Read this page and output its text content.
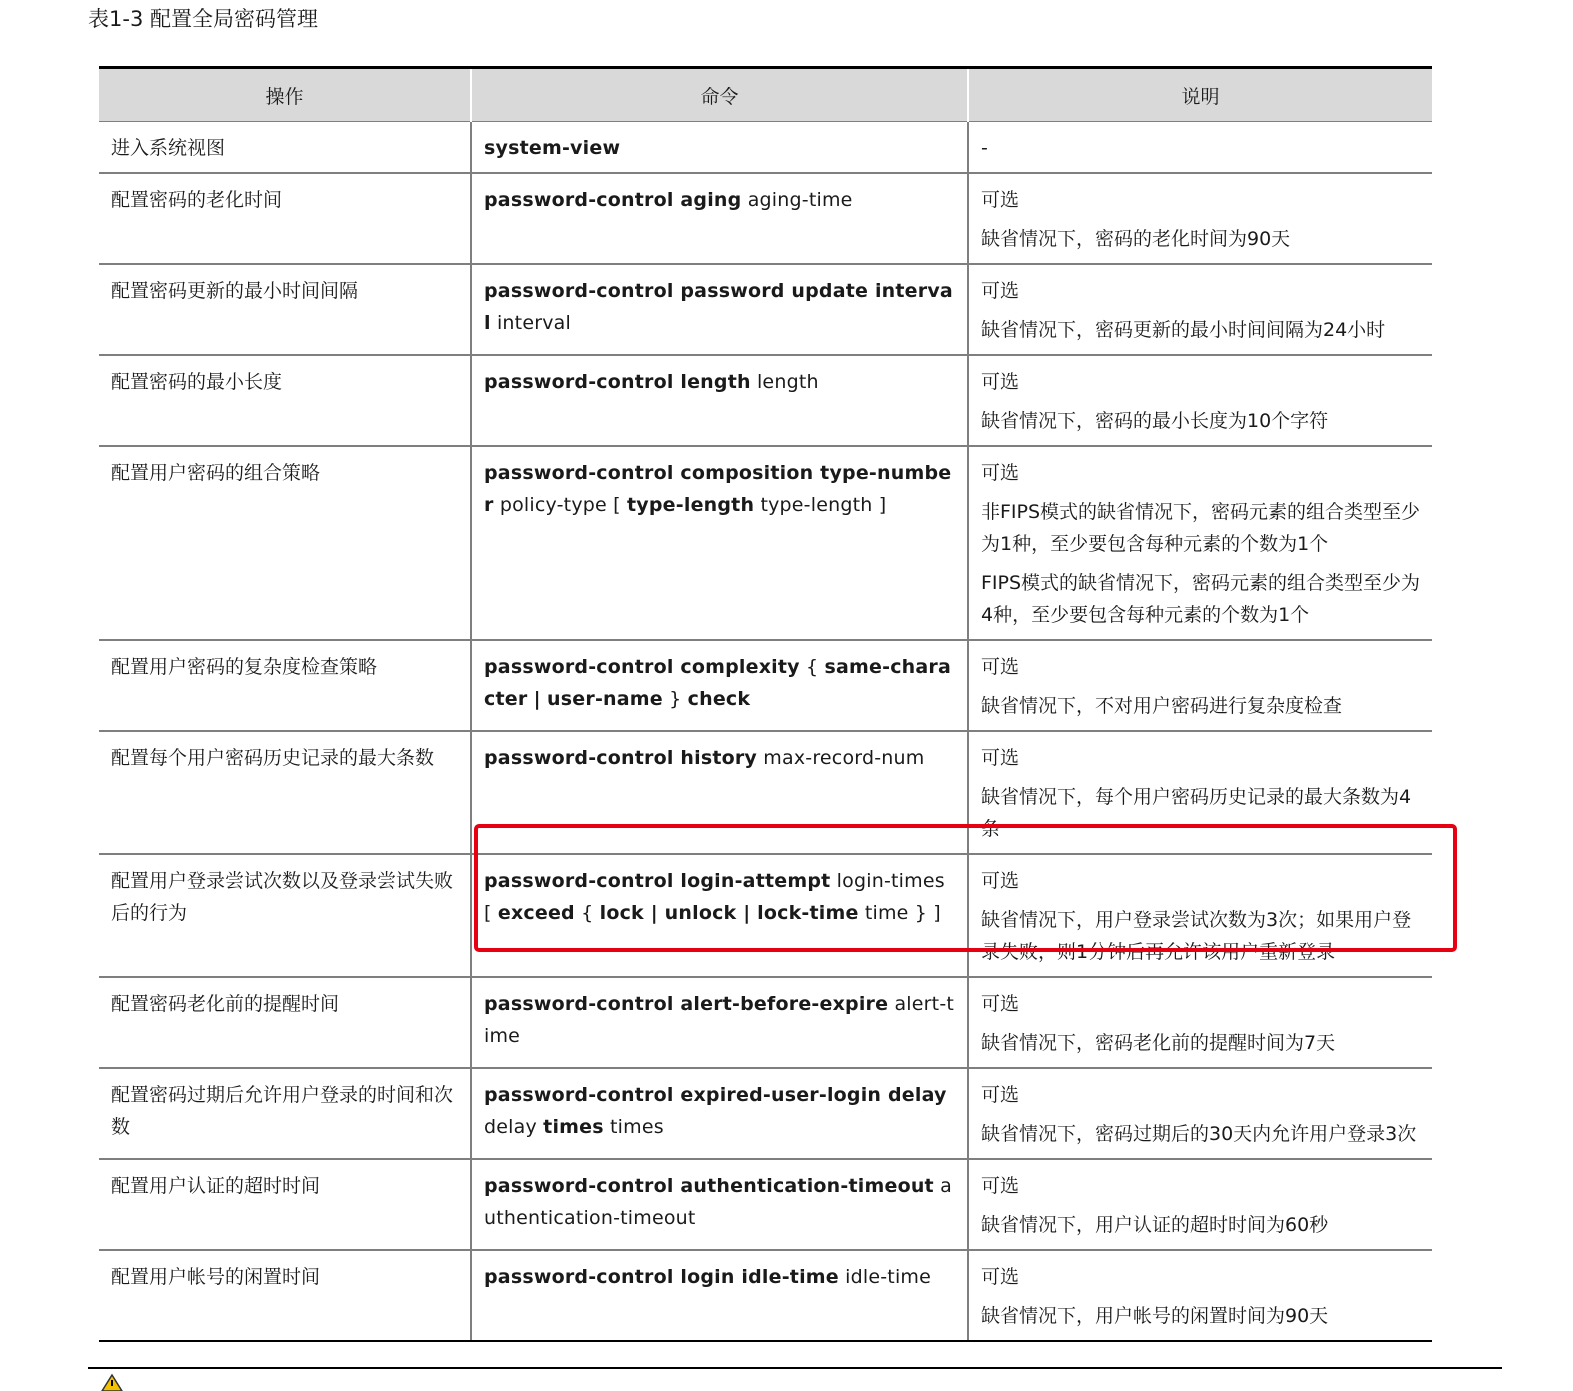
表1-3 配置全局密码管理
操作	命令	说明
进入系统视图	system-view	-

配置密码的老化时间	password-control aging aging-time	可选

缺省情况下，密码的老化时间为90天

配置密码更新的最小时间间隔	password-control password update interval interval	可选

缺省情况下，密码更新的最小时间间隔为24小时

配置密码的最小长度	password-control length length	可选

缺省情况下，密码的最小长度为10个字符

配置用户密码的组合策略	password-control composition type-number policy-type [ type-length type-length ]	可选

非FIPS模式的缺省情况下，密码元素的组合类型至少为1种，至少要包含每种元素的个数为1个

FIPS模式的缺省情况下，密码元素的组合类型至少为4种，至少要包含每种元素的个数为1个

配置用户密码的复杂度检查策略	password-control complexity { same-character | user-name } check	可选

缺省情况下，不对用户密码进行复杂度检查

配置每个用户密码历史记录的最大条数	password-control history max-record-num	可选

缺省情况下，每个用户密码历史记录的最大条数为4条

配置用户登录尝试次数以及登录尝试失败后的行为	password-control login-attempt login-times [ exceed { lock | unlock | lock-time time } ]	可选

缺省情况下，用户登录尝试次数为3次；如果用户登录失败，则1分钟后再允许该用户重新登录

配置密码老化前的提醒时间	password-control alert-before-expire alert-time	可选

缺省情况下，密码老化前的提醒时间为7天

配置密码过期后允许用户登录的时间和次数	password-control expired-user-login delay delay times times	可选

缺省情况下，密码过期后的30天内允许用户登录3次

配置用户认证的超时时间	password-control authentication-timeout authentication-timeout	可选

缺省情况下，用户认证的超时时间为60秒

配置用户帐号的闲置时间	password-control login idle-time idle-time	可选

缺省情况下，用户帐号的闲置时间为90天
